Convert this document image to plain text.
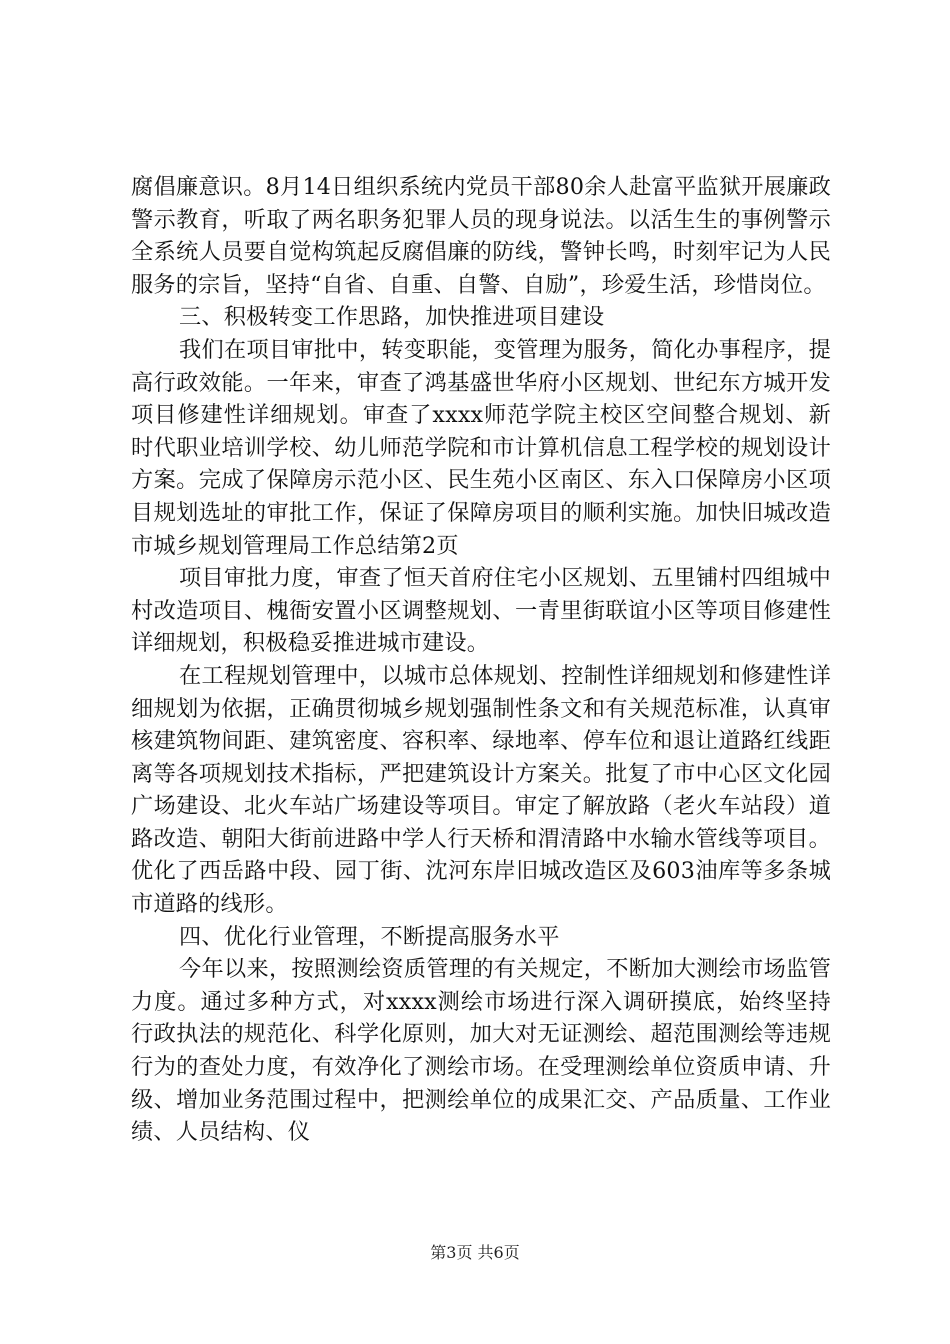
腐倡廉意识。8月14日组织系统内党员干部80余人赴富平监狱开展廉政警示教育，听取了两名职务犯罪人员的现身说法。以活生生的事例警示全系统人员要自觉构筑起反腐倡廉的防线，警钟长鸣，时刻牢记为人民服务的宗旨，坚持“自省、自重、自警、自励”，珍爱生活，珍惜岗位。

三、积极转变工作思路，加快推进项目建设

我们在项目审批中，转变职能，变管理为服务，简化办事程序，提高行政效能。一年来，审查了鸿基盛世华府小区规划、世纪东方城开发项目修建性详细规划。审查了xxxx师范学院主校区空间整合规划、新时代职业培训学校、幼儿师范学院和市计算机信息工程学校的规划设计方案。完成了保障房示范小区、民生苑小区南区、东入口保障房小区项目规划选址的审批工作，保证了保障房项目的顺利实施。加快旧城改造市城乡规划管理局工作总结第2页

项目审批力度，审查了恒天首府住宅小区规划、五里铺村四组城中村改造项目、槐衙安置小区调整规划、一青里街联谊小区等项目修建性详细规划，积极稳妥推进城市建设。

在工程规划管理中，以城市总体规划、控制性详细规划和修建性详细规划为依据，正确贯彻城乡规划强制性条文和有关规范标准，认真审核建筑物间距、建筑密度、容积率、绿地率、停车位和退让道路红线距离等各项规划技术指标，严把建筑设计方案关。批复了市中心区文化园广场建设、北火车站广场建设等项目。审定了解放路（老火车站段）道路改造、朝阳大街前进路中学人行天桥和渭清路中水输水管线等项目。优化了西岳路中段、园丁街、沈河东岸旧城改造区及603油库等多条城市道路的线形。

四、优化行业管理，不断提高服务水平

今年以来，按照测绘资质管理的有关规定，不断加大测绘市场监管力度。通过多种方式，对xxxx测绘市场进行深入调研摸底，始终坚持行政执法的规范化、科学化原则，加大对无证测绘、超范围测绘等违规行为的查处力度，有效净化了测绘市场。在受理测绘单位资质申请、升级、增加业务范围过程中，把测绘单位的成果汇交、产品质量、工作业绩、人员结构、仪

第3页 共6页
